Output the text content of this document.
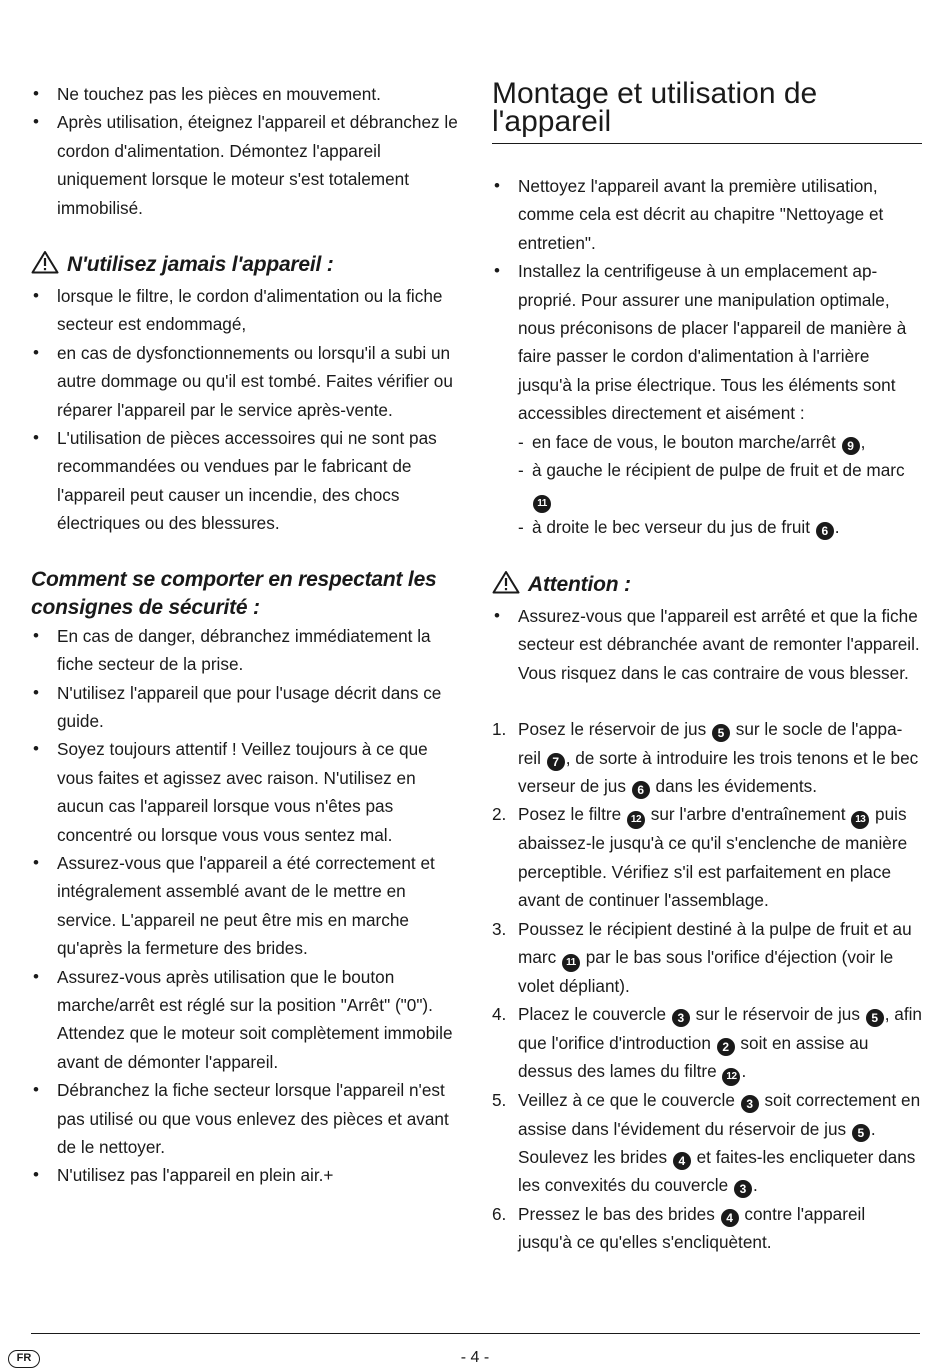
• Ne touchez pas les pièces en mouvement.
• Après utilisation, éteignez l'appareil et débranchez le cordon d'alimentation. Démontez l'appareil uniquement lorsque le moteur s'est totalement immobilisé.
N'utilisez jamais l'appareil :
• lorsque le filtre, le cordon d'alimentation ou la fiche secteur est endommagé,
• en cas de dysfonctionnements ou lorsqu'il a subi un autre dommage ou qu'il est tombé. Faites vérifier ou réparer l'appareil par le service après-vente.
• L'utilisation de pièces accessoires qui ne sont pas recommandées ou vendues par le fabricant de l'appareil peut causer un incendie, des chocs électriques ou des blessures.
Comment se comporter en respectant les consignes de sécurité :
• En cas de danger, débranchez immédiatement la fiche secteur de la prise.
• N'utilisez l'appareil que pour l'usage décrit dans ce guide.
• Soyez toujours attentif ! Veillez toujours à ce que vous faites et agissez avec raison. N'utilisez en aucun cas l'appareil lorsque vous n'êtes pas concentré ou lorsque vous vous sentez mal.
• Assurez-vous que l'appareil a été correctement et intégralement assemblé avant de le mettre en service. L'appareil ne peut être mis en marche qu'après la fermeture des brides.
• Assurez-vous après utilisation que le bouton marche/arrêt est réglé sur la position "Arrêt" ("0"). Attendez que le moteur soit complètement immobile avant de démonter l'appareil.
• Débranchez la fiche secteur lorsque l'appareil n'est pas utilisé ou que vous enlevez des pièces et avant de le nettoyer.
• N'utilisez pas l'appareil en plein air.+
Montage et utilisation de l'appareil
• Nettoyez l'appareil avant la première utilisation, comme cela est décrit au chapitre "Nettoyage et entretien".
• Installez la centrifigeuse à un emplacement ap-proprié. Pour assurer une manipulation optimale, nous préconisons de placer l'appareil de manière à faire passer le cordon d'alimentation à l'arrière jusqu'à la prise électrique. Tous les éléments sont accessibles directement et aisément :
- en face de vous, le bouton marche/arrêt 9 ,
- à gauche le récipient de pulpe de fruit et de marc 11
- à droite le bec verseur du jus de fruit 6 .
Attention :
• Assurez-vous que l'appareil est arrêté et que la fiche secteur est débranchée avant de remonter l'appareil. Vous risquez dans le cas contraire de vous blesser.
1. Posez le réservoir de jus 5 sur le socle de l'appa-reil 7 , de sorte à introduire les trois tenons et le bec verseur de jus 6 dans les évidements.
2. Posez le filtre 12 sur l'arbre d'entraînement 13 puis abaissez-le jusqu'à ce qu'il s'enclenche de manière perceptible. Vérifiez s'il est parfaitement en place avant de continuer l'assemblage.
3. Poussez le récipient destiné à la pulpe de fruit et au marc 11 par le bas sous l'orifice d'éjection (voir le volet dépliant).
4. Placez le couvercle 3 sur le réservoir de jus 5 , afin que l'orifice d'introduction 2 soit en assise au dessus des lames du filtre 12 .
5. Veillez à ce que le couvercle 3 soit correctement en assise dans l'évidement du réservoir de jus 5 . Soulevez les brides 4 et faites-les encliqueter dans les convexités du couvercle 3 .
6. Pressez le bas des brides 4 contre l'appareil jusqu'à ce qu'elles s'encliquètent.
FR	- 4 -
